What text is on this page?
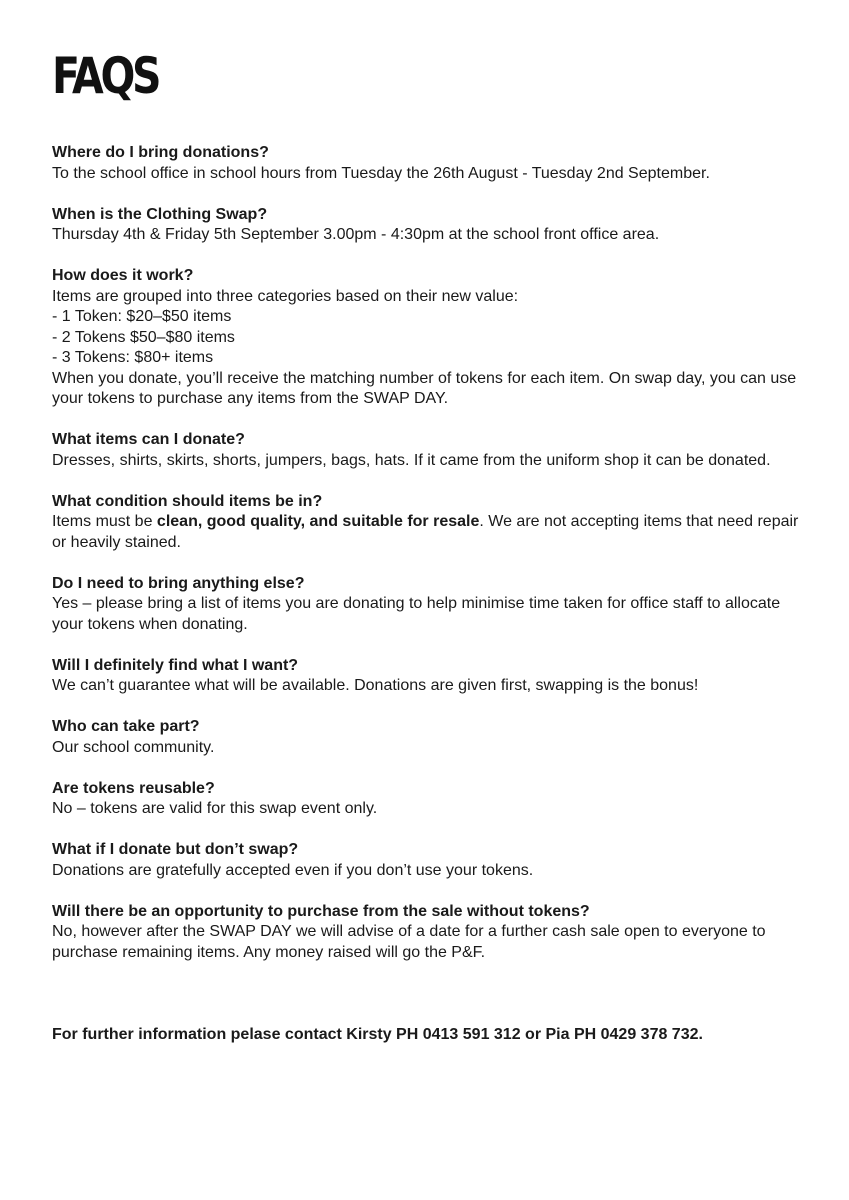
FAQS

Where do I bring donations?

To the school office in school hours from Tuesday the 26th August - Tuesday 2nd September.

When is the Clothing Swap?

Thursday 4th & Friday 5th September 3.00pm - 4:30pm at the school front office area.

How does it work?

Items are grouped into three categories based on their new value:

- 1 Token: $20–$50 items
- 2 Tokens $50–$80 items
- 3 Tokens: $80+ items

When you donate, you’ll receive the matching number of tokens for each item. On swap day, you can use your tokens to purchase any items from the SWAP DAY.

What items can I donate?

Dresses, shirts, skirts, shorts, jumpers, bags, hats. If it came from the uniform shop it can be donated.

What condition should items be in?

Items must be clean, good quality, and suitable for resale. We are not accepting items that need repair or heavily stained.

Do I need to bring anything else?

Yes – please bring a list of items you are donating to help minimise time taken for office staff to allocate your tokens when donating.

Will I definitely find what I want?

We can’t guarantee what will be available. Donations are given first, swapping is the bonus!

Who can take part?

Our school community.

Are tokens reusable?

No – tokens are valid for this swap event only.

What if I donate but don’t swap?

Donations are gratefully accepted even if you don’t use your tokens.

Will there be an opportunity to purchase from the sale without tokens?

No, however after the SWAP DAY we will advise of a date for a further cash sale open to everyone to purchase remaining items. Any money raised will go the P&F.

For further information pelase contact Kirsty PH 0413 591 312 or Pia PH 0429 378 732.
